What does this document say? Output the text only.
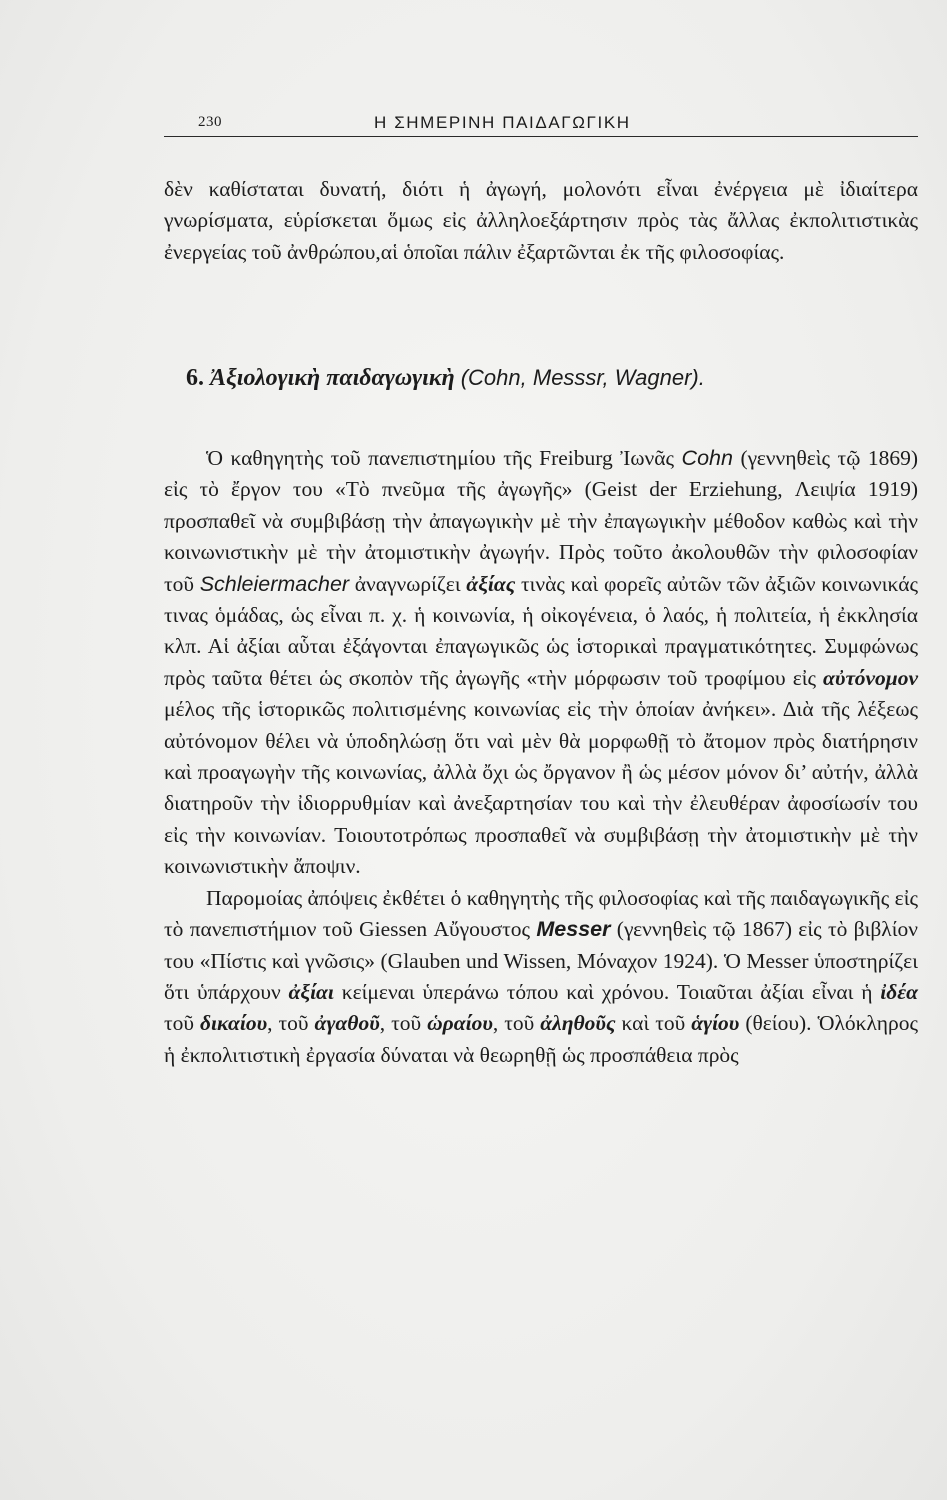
230	Η ΣΗΜΕΡΙΝΗ ΠΑΙΔΑΓΩΓΙΚΗ

δὲν καθίσταται δυνατή, διότι ἡ ἀγωγή, μολονότι εἶναι ἐνέργεια μὲ ἰδιαίτερα γνωρίσματα, εὑρίσκεται ὅμως εἰς ἀλληλοεξάρτησιν πρὸς τὰς ἄλλας ἐκπολιτιστικὰς ἐνεργείας τοῦ ἀνθρώπου,αἱ ὁποῖαι πάλιν ἐξαρτῶνται ἐκ τῆς φιλοσοφίας.

6. Ἀξιολογικὴ παιδαγωγικὴ (Cohn, Messsr, Wagner).

Ὁ καθηγητὴς τοῦ πανεπιστημίου τῆς Freiburg Ἰωνᾶς Cohn (γεννηθεὶς τῷ 1869) εἰς τὸ ἔργον του «Τὸ πνεῦμα τῆς ἀγωγῆς» (Geist der Erziehung, Λειψία 1919) προσπαθεῖ νὰ συμβιβάσῃ τὴν ἀπαγωγικὴν μὲ τὴν ἐπαγωγικὴν μέθοδον καθὼς καὶ τὴν κοινωνιστικὴν μὲ τὴν ἀτομιστικὴν ἀγωγήν. Πρὸς τοῦτο ἀκολουθῶν τὴν φιλοσοφίαν τοῦ Schleiermacher ἀναγνωρίζει ἀξίας τινὰς καὶ φορεῖς αὐτῶν τῶν ἀξιῶν κοινωνικάς τινας ὁμάδας, ὡς εἶναι π. χ. ἡ κοινωνία, ἡ οἰκογένεια, ὁ λαός, ἡ πολιτεία, ἡ ἐκκλησία κλπ. Αἱ ἀξίαι αὗται ἐξάγονται ἐπαγωγικῶς ὡς ἱστορικαὶ πραγματικότητες. Συμφώνως πρὸς ταῦτα θέτει ὡς σκοπὸν τῆς ἀγωγῆς «τὴν μόρφωσιν τοῦ τροφίμου εἰς αὐτόνομον μέλος τῆς ἱστορικῶς πολιτισμένης κοινωνίας εἰς τὴν ὁποίαν ἀνήκει». Διὰ τῆς λέξεως αὐτόνομον θέλει νὰ ὑποδηλώσῃ ὅτι ναὶ μὲν θὰ μορφωθῇ τὸ ἄτομον πρὸς διατήρησιν καὶ προαγωγὴν τῆς κοινωνίας, ἀλλὰ ὄχι ὡς ὄργανον ἢ ὡς μέσον μόνον δι’ αὐτήν, ἀλλὰ διατηροῦν τὴν ἰδιορρυθμίαν καὶ ἀνεξαρτησίαν του καὶ τὴν ἐλευθέραν ἀφοσίωσίν του εἰς τὴν κοινωνίαν. Τοιουτοτρόπως προσπαθεῖ νὰ συμβιβάσῃ τὴν ἀτομιστικὴν μὲ τὴν κοινωνιστικὴν ἄποψιν.

Παρομοίας ἀπόψεις ἐκθέτει ὁ καθηγητὴς τῆς φιλοσοφίας καὶ τῆς παιδαγωγικῆς εἰς τὸ πανεπιστήμιον τοῦ Giessen Αὔγουστος Messer (γεννηθεὶς τῷ 1867) εἰς τὸ βιβλίον του «Πίστις καὶ γνῶσις» (Glauben und Wissen, Μόναχον 1924). Ὁ Messer ὑποστηρίζει ὅτι ὑπάρχουν ἀξίαι κείμεναι ὑπεράνω τόπου καὶ χρόνου. Τοιαῦται ἀξίαι εἶναι ἡ ἰδέα τοῦ δικαίου, τοῦ ἀγαθοῦ, τοῦ ὡραίου, τοῦ ἀληθοῦς καὶ τοῦ ἁγίου (θείου). Ὁλόκληρος ἡ ἐκπολιτιστικὴ ἐργασία δύναται νὰ θεωρηθῇ ὡς προσπάθεια πρὸς
